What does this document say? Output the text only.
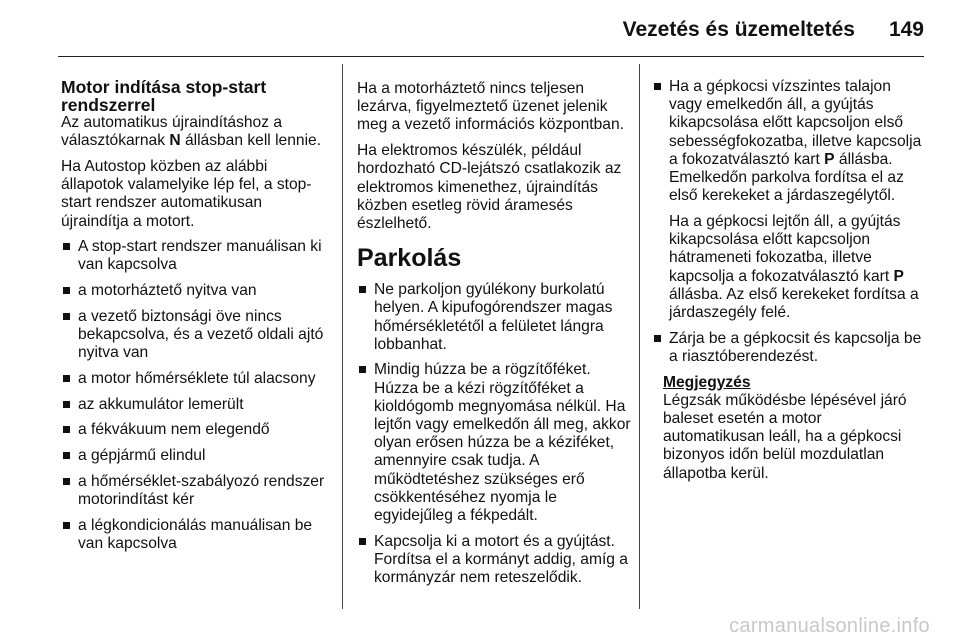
Vezetés és üzemeltetés 149
Motor indítása stop-start rendszerrel

Az automatikus újraindításhoz a választókarnak N állásban kell lennie.

Ha Autostop közben az alábbi állapotok valamelyike lép fel, a stop-start rendszer automatikusan újraindítja a motort.

A stop-start rendszer manuálisan ki van kapcsolva
a motorháztető nyitva van
a vezető biztonsági öve nincs bekapcsolva, és a vezető oldali ajtó nyitva van
a motor hőmérséklete túl alacsony
az akkumulátor lemerült
a fékvákuum nem elegendő
a gépjármű elindul
a hőmérséklet-szabályozó rendszer motorindítást kér
a légkondicionálás manuálisan be van kapcsolva

Ha a motorháztető nincs teljesen lezárva, figyelmeztető üzenet jelenik meg a vezető információs központban.

Ha elektromos készülék, például hordozható CD-lejátszó csatlakozik az elektromos kimenethez, újraindítás közben esetleg rövid áramesés észlelhető.

Parkolás
Ne parkoljon gyúlékony burkolatú helyen. A kipufogórendszer magas hőmérsékletétől a felületet lángra lobbanhat.
Mindig húzza be a rögzítőféket. Húzza be a kézi rögzítőféket a kioldógomb megnyomása nélkül. Ha lejtőn vagy emelkedőn áll meg, akkor olyan erősen húzza be a kéziféket, amennyire csak tudja. A működtetéshez szükséges erő csökkentéséhez nyomja le egyidejűleg a fékpedált.
Kapcsolja ki a motort és a gyújtást. Fordítsa el a kormányt addig, amíg a kormányzár nem reteszelődik.
Ha a gépkocsi vízszintes talajon vagy emelkedőn áll, a gyújtás kikapcsolása előtt kapcsoljon első sebességfokozatba, illetve kapcsolja a fokozatválasztó kart P állásba. Emelkedőn parkolva fordítsa el az első kerekeket a járdaszegélytől.

Ha a gépkocsi lejtőn áll, a gyújtás kikapcsolása előtt kapcsoljon hátrameneti fokozatba, illetve kapcsolja a fokozatválasztó kart P állásba. Az első kerekeket fordítsa a járdaszegély felé.

Zárja be a gépkocsit és kapcsolja be a riasztóberendezést.
Megjegyzés
Légzsák működésbe lépésével járó baleset esetén a motor automatikusan leáll, ha a gépkocsi bizonyos időn belül mozdulatlan állapotba kerül.
carmanualsonline.info
